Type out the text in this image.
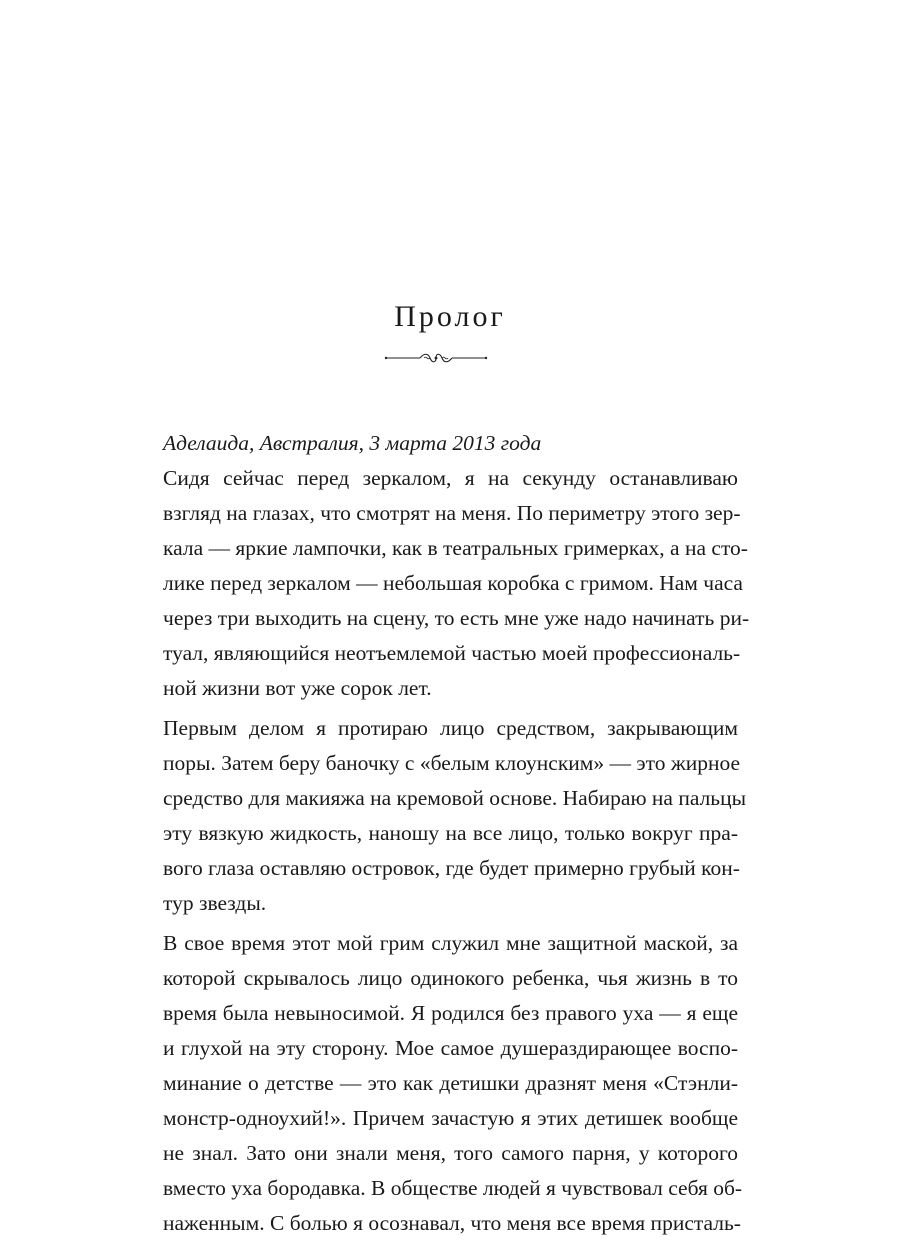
Пролог
Аделаида, Австралия, 3 марта 2013 года
Сидя сейчас перед зеркалом, я на секунду останавливаю
взгляд на глазах, что смотрят на меня. По периметру этого зер-
кала — яркие лампочки, как в театральных гримерках, а на сто-
лике перед зеркалом — небольшая коробка с гримом. Нам часа
через три выходить на сцену, то есть мне уже надо начинать ри-
туал, являющийся неотъемлемой частью моей профессиональ-
ной жизни вот уже сорок лет.
Первым делом я протираю лицо средством, закрывающим
поры. Затем беру баночку с «белым клоунским» — это жирное
средство для макияжа на кремовой основе. Набираю на пальцы
эту вязкую жидкость, наношу на все лицо, только вокруг пра-
вого глаза оставляю островок, где будет примерно грубый кон-
тур звезды.
В свое время этот мой грим служил мне защитной маской, за
которой скрывалось лицо одинокого ребенка, чья жизнь в то
время была невыносимой. Я родился без правого уха — я еще
и глухой на эту сторону. Мое самое душераздирающее воспо-
минание о детстве — это как детишки дразнят меня «Стэнли-
монстр-одноухий!». Причем зачастую я этих детишек вообще
не знал. Зато они знали меня, того самого парня, у которого
вместо уха бородавка. В обществе людей я чувствовал себя об-
наженным. С болью я осознавал, что меня все время присталь-
